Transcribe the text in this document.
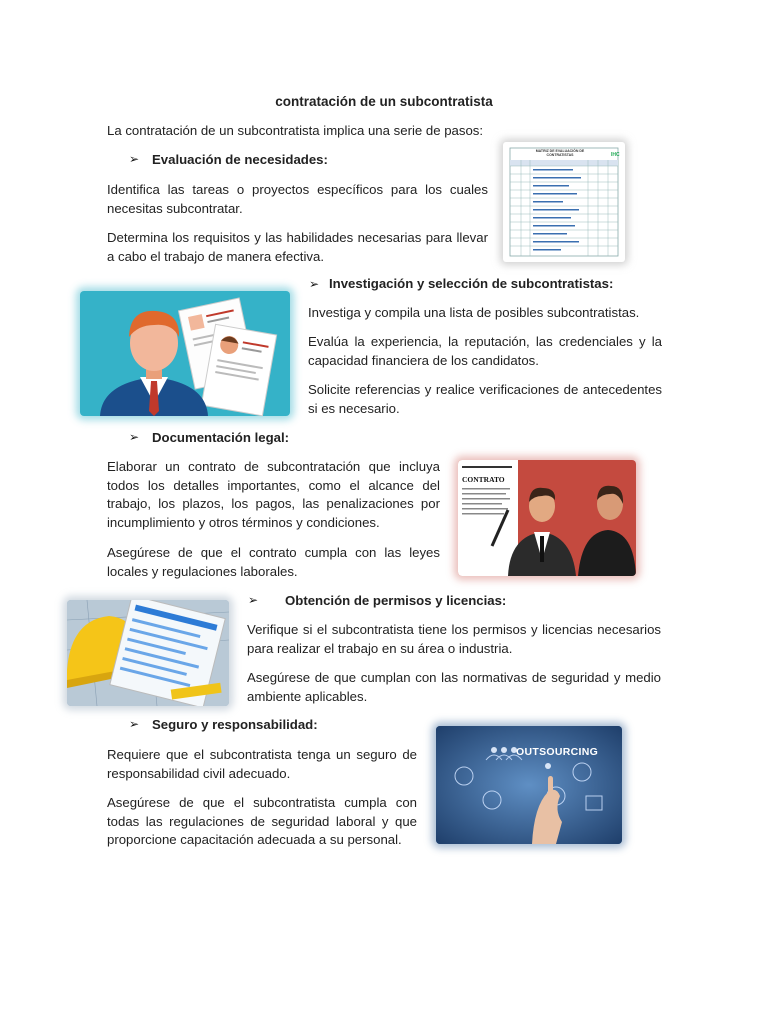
contratación de un subcontratista
La contratación de un subcontratista implica una serie de pasos:
➢ Evaluación de necesidades:
Identifica las tareas o proyectos específicos para los cuales necesitas subcontratar.
Determina los requisitos y las habilidades necesarias para llevar a cabo el trabajo de manera efectiva.
IHC
MATRIZ DE EVALUACIÓN DE CONTRATISTAS
➢ Investigación y selección de subcontratistas:
Investiga y compila una lista de posibles subcontratistas.
Evalúa la experiencia, la reputación, las credenciales y la capacidad financiera de los candidatos.
Solicite referencias y realice verificaciones de antecedentes si es necesario.
➢ Documentación legal:
Elaborar un contrato de subcontratación que incluya todos los detalles importantes, como el alcance del trabajo, los plazos, los pagos, las penalizaciones por incumplimiento y otros términos y condiciones.
Asegúrese de que el contrato cumpla con las leyes locales y regulaciones laborales.
CONTRATO
➢ Obtención de permisos y licencias:
Verifique si el subcontratista tiene los permisos y licencias necesarios para realizar el trabajo en su área o industria.
Asegúrese de que cumplan con las normativas de seguridad y medio ambiente aplicables.
➢ Seguro y responsabilidad:
Requiere que el subcontratista tenga un seguro de responsabilidad civil adecuado.
Asegúrese de que el subcontratista cumpla con todas las regulaciones de seguridad laboral y que proporcione capacitación adecuada a su personal.
OUTSOURCING
